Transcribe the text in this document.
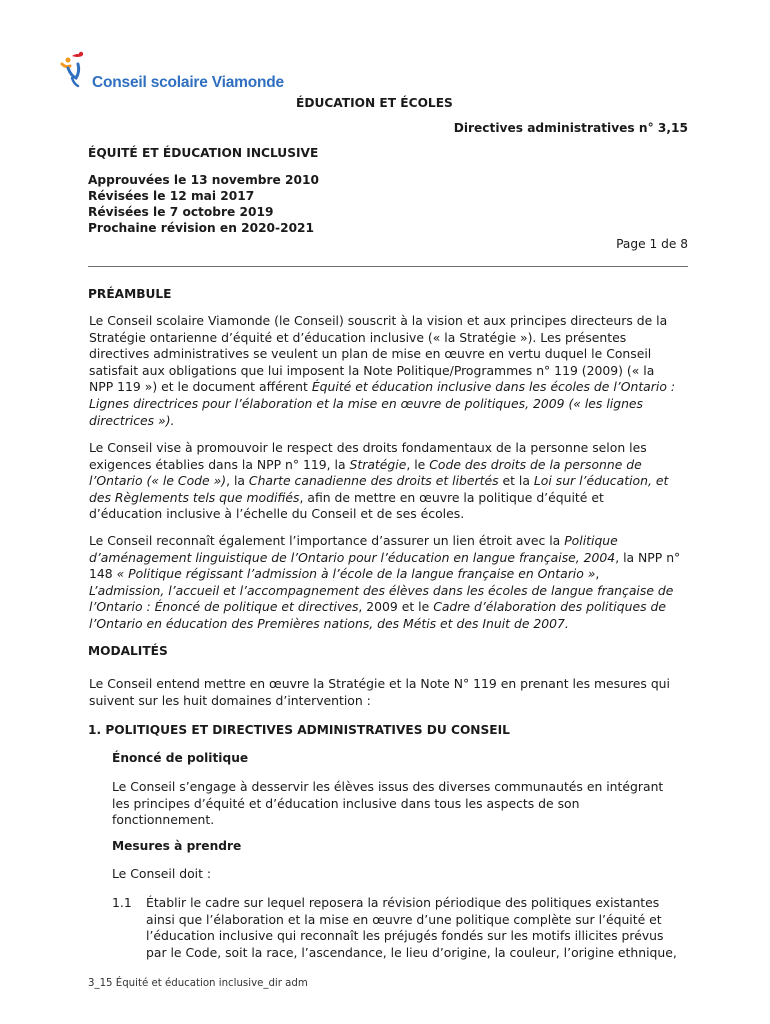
Conseil scolaire Viamonde
ÉDUCATION ET ÉCOLES
Directives administratives n° 3,15
ÉQUITÉ ET ÉDUCATION INCLUSIVE
Approuvées le 13 novembre 2010
Révisées le 12 mai 2017
Révisées le 7 octobre 2019
Prochaine révision en 2020-2021
Page 1 de 8
PRÉAMBULE

Le Conseil scolaire Viamonde (le Conseil) souscrit à la vision et aux principes directeurs de la
Stratégie ontarienne d’équité et d’éducation inclusive (« la Stratégie »). Les présentes
directives administratives se veulent un plan de mise en œuvre en vertu duquel le Conseil
satisfait aux obligations que lui imposent la Note Politique/Programmes n° 119 (2009) (« la
NPP 119 ») et le document afférent Équité et éducation inclusive dans les écoles de l’Ontario :
Lignes directrices pour l’élaboration et la mise en œuvre de politiques, 2009 (« les lignes
directrices »).

Le Conseil vise à promouvoir le respect des droits fondamentaux de la personne selon les
exigences établies dans la NPP n° 119, la Stratégie, le Code des droits de la personne de
l’Ontario (« le Code »), la Charte canadienne des droits et libertés et la Loi sur l’éducation, et
des Règlements tels que modifiés, afin de mettre en œuvre la politique d’équité et
d’éducation inclusive à l’échelle du Conseil et de ses écoles.

Le Conseil reconnaît également l’importance d’assurer un lien étroit avec la Politique
d’aménagement linguistique de l’Ontario pour l’éducation en langue française, 2004, la NPP n°
148 « Politique régissant l’admission à l’école de la langue française en Ontario »,
L’admission, l’accueil et l’accompagnement des élèves dans les écoles de langue française de
l’Ontario : Énoncé de politique et directives, 2009 et le Cadre d’élaboration des politiques de
l’Ontario en éducation des Premières nations, des Métis et des Inuit de 2007.

MODALITÉS

Le Conseil entend mettre en œuvre la Stratégie et la Note N° 119 en prenant les mesures qui
suivent sur les huit domaines d’intervention :

1. POLITIQUES ET DIRECTIVES ADMINISTRATIVES DU CONSEIL
Énoncé de politique

Le Conseil s’engage à desservir les élèves issus des diverses communautés en intégrant
les principes d’équité et d’éducation inclusive dans tous les aspects de son
fonctionnement.

Mesures à prendre
Le Conseil doit :
1.1 Établir le cadre sur lequel reposera la révision périodique des politiques existantes
ainsi que l’élaboration et la mise en œuvre d’une politique complète sur l’équité et
l’éducation inclusive qui reconnaît les préjugés fondés sur les motifs illicites prévus
par le Code, soit la race, l’ascendance, le lieu d’origine, la couleur, l’origine ethnique,

3_15 Équité et éducation inclusive_dir adm
